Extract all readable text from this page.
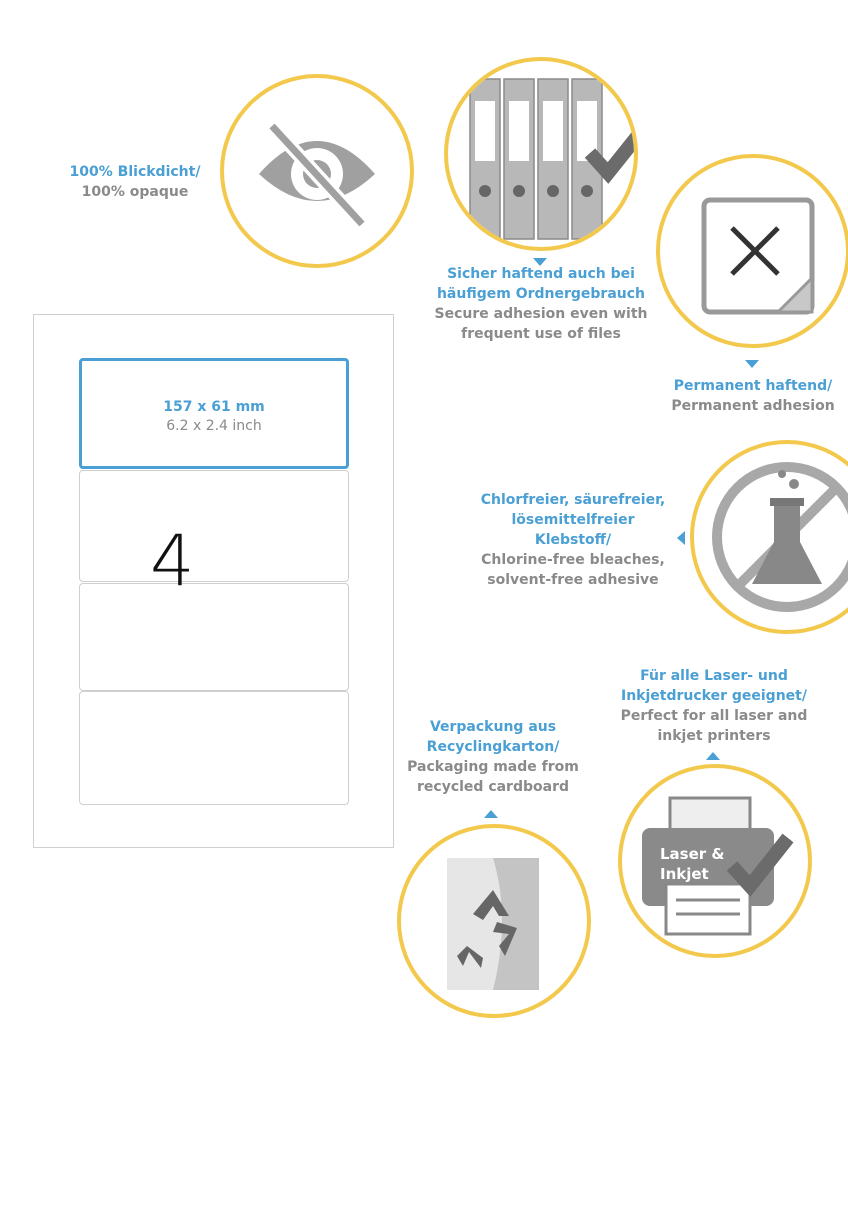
100% Blickdicht/
100% opaque
Sicher haftend auch bei
häufigem Ordnergebrauch
Secure adhesion even with
frequent use of files
Permanent haftend/
Permanent adhesion
Chlorfreier, säurefreier,
lösemittelfreier
Klebstoff/
Chlorine-free bleaches,
solvent-free adhesive
Für alle Laser- und
Inkjetdrucker geeignet/
Perfect for all laser and
inkjet printers
Laser &
Inkjet
Verpackung aus
Recyclingkarton/
Packaging made from
recycled cardboard
157 x 61 mm
6.2 x 2.4 inch
4
